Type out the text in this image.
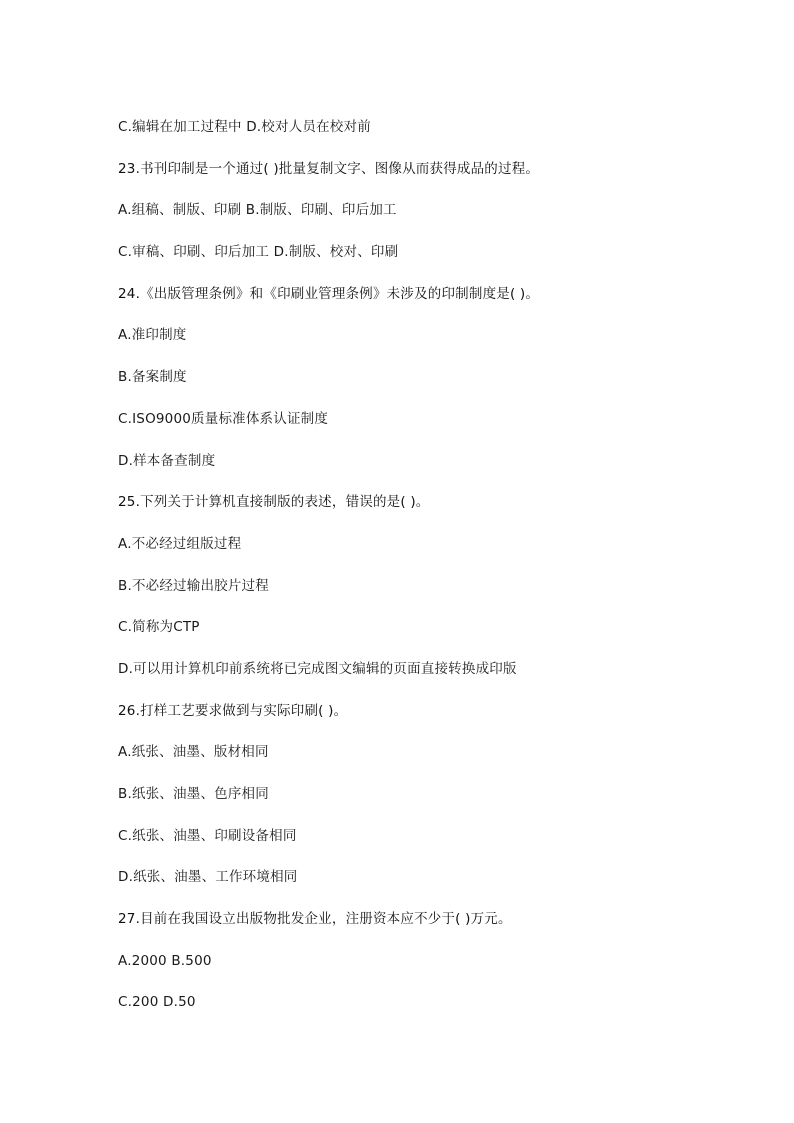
C.编辑在加工过程中 D.校对人员在校对前
23.书刊印制是一个通过( )批量复制文字、图像从而获得成品的过程。
A.组稿、制版、印刷 B.制版、印刷、印后加工
C.审稿、印刷、印后加工 D.制版、校对、印刷
24.《出版管理条例》和《印刷业管理条例》未涉及的印制制度是( )。
A.准印制度
B.备案制度
C.ISO9000质量标准体系认证制度
D.样本备查制度
25.下列关于计算机直接制版的表述，错误的是( )。
A.不必经过组版过程
B.不必经过输出胶片过程
C.简称为CTP
D.可以用计算机印前系统将已完成图文编辑的页面直接转换成印版
26.打样工艺要求做到与实际印刷( )。
A.纸张、油墨、版材相同
B.纸张、油墨、色序相同
C.纸张、油墨、印刷设备相同
D.纸张、油墨、工作环境相同
27.目前在我国设立出版物批发企业，注册资本应不少于( )万元。
A.2000 B.500
C.200 D.50
